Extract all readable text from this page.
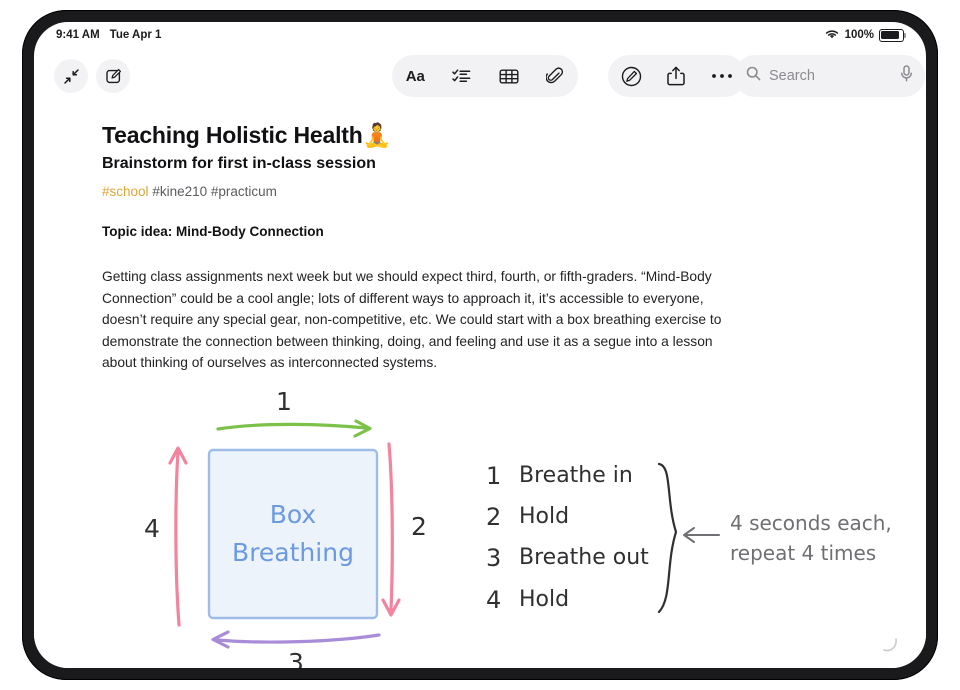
9:41 AM Tue Apr 1	100%
Aa	Search
Teaching Holistic Health🧘
Brainstorm for first in-class session
#school #kine210 #practicum
Topic idea: Mind-Body Connection
Getting class assignments next week but we should expect third, fourth, or fifth-graders. “Mind-Body Connection” could be a cool angle; lots of different ways to approach it, it’s accessible to everyone, doesn’t require any special gear, non-competitive, etc. We could start with a box breathing exercise to demonstrate the connection between thinking, doing, and feeling and use it as a segue into a lesson about thinking of ourselves as interconnected systems.
1
2
3
4	Box
Breathing
1 Breathe in
2 Hold
3 Breathe out
4 Hold
4 seconds each,
repeat 4 times
